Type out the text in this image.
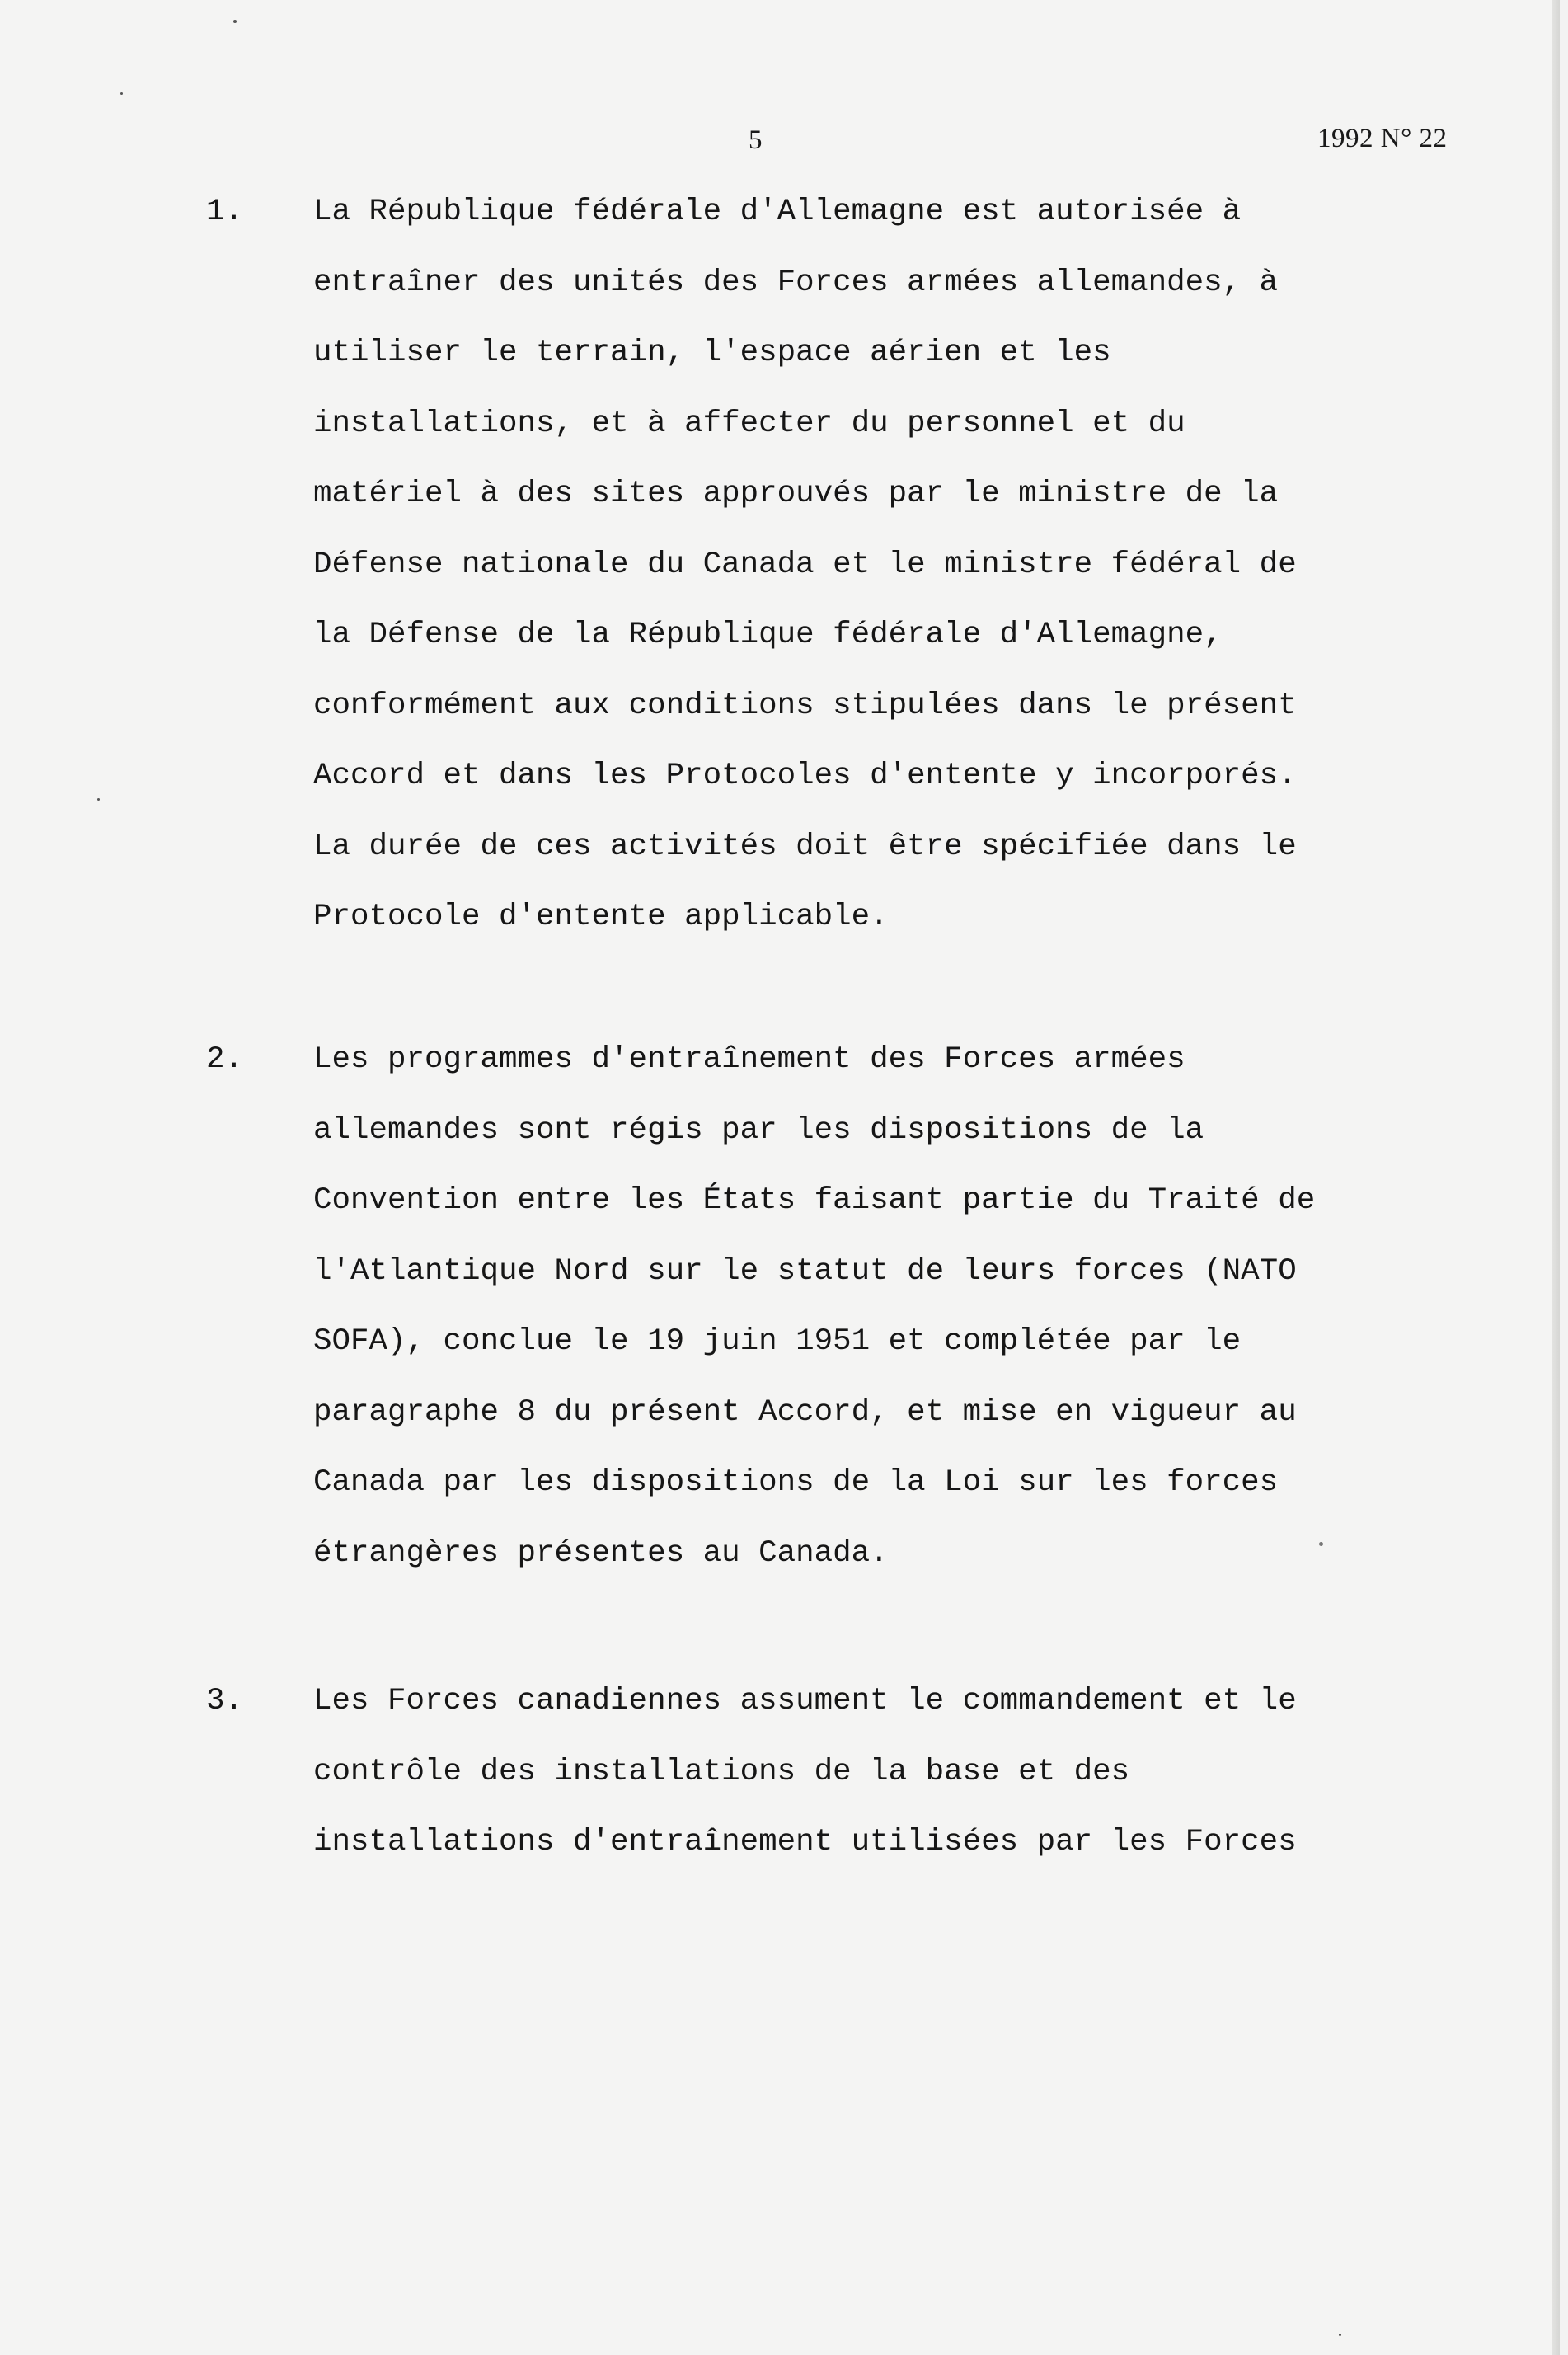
5	1992 N° 22
1.	La République fédérale d'Allemagne est autorisée à
entraîner des unités des Forces armées allemandes, à
utiliser le terrain, l'espace aérien et les
installations, et à affecter du personnel et du
matériel à des sites approuvés par le ministre de la
Défense nationale du Canada et le ministre fédéral de
la Défense de la République fédérale d'Allemagne,
conformément aux conditions stipulées dans le présent
Accord et dans les Protocoles d'entente y incorporés.
La durée de ces activités doit être spécifiée dans le
Protocole d'entente applicable.
2.	Les programmes d'entraînement des Forces armées
allemandes sont régis par les dispositions de la
Convention entre les États faisant partie du Traité de
l'Atlantique Nord sur le statut de leurs forces (NATO
SOFA), conclue le 19 juin 1951 et complétée par le
paragraphe 8 du présent Accord, et mise en vigueur au
Canada par les dispositions de la Loi sur les forces
étrangères présentes au Canada.
3.	Les Forces canadiennes assument le commandement et le
contrôle des installations de la base et des
installations d'entraînement utilisées par les Forces
